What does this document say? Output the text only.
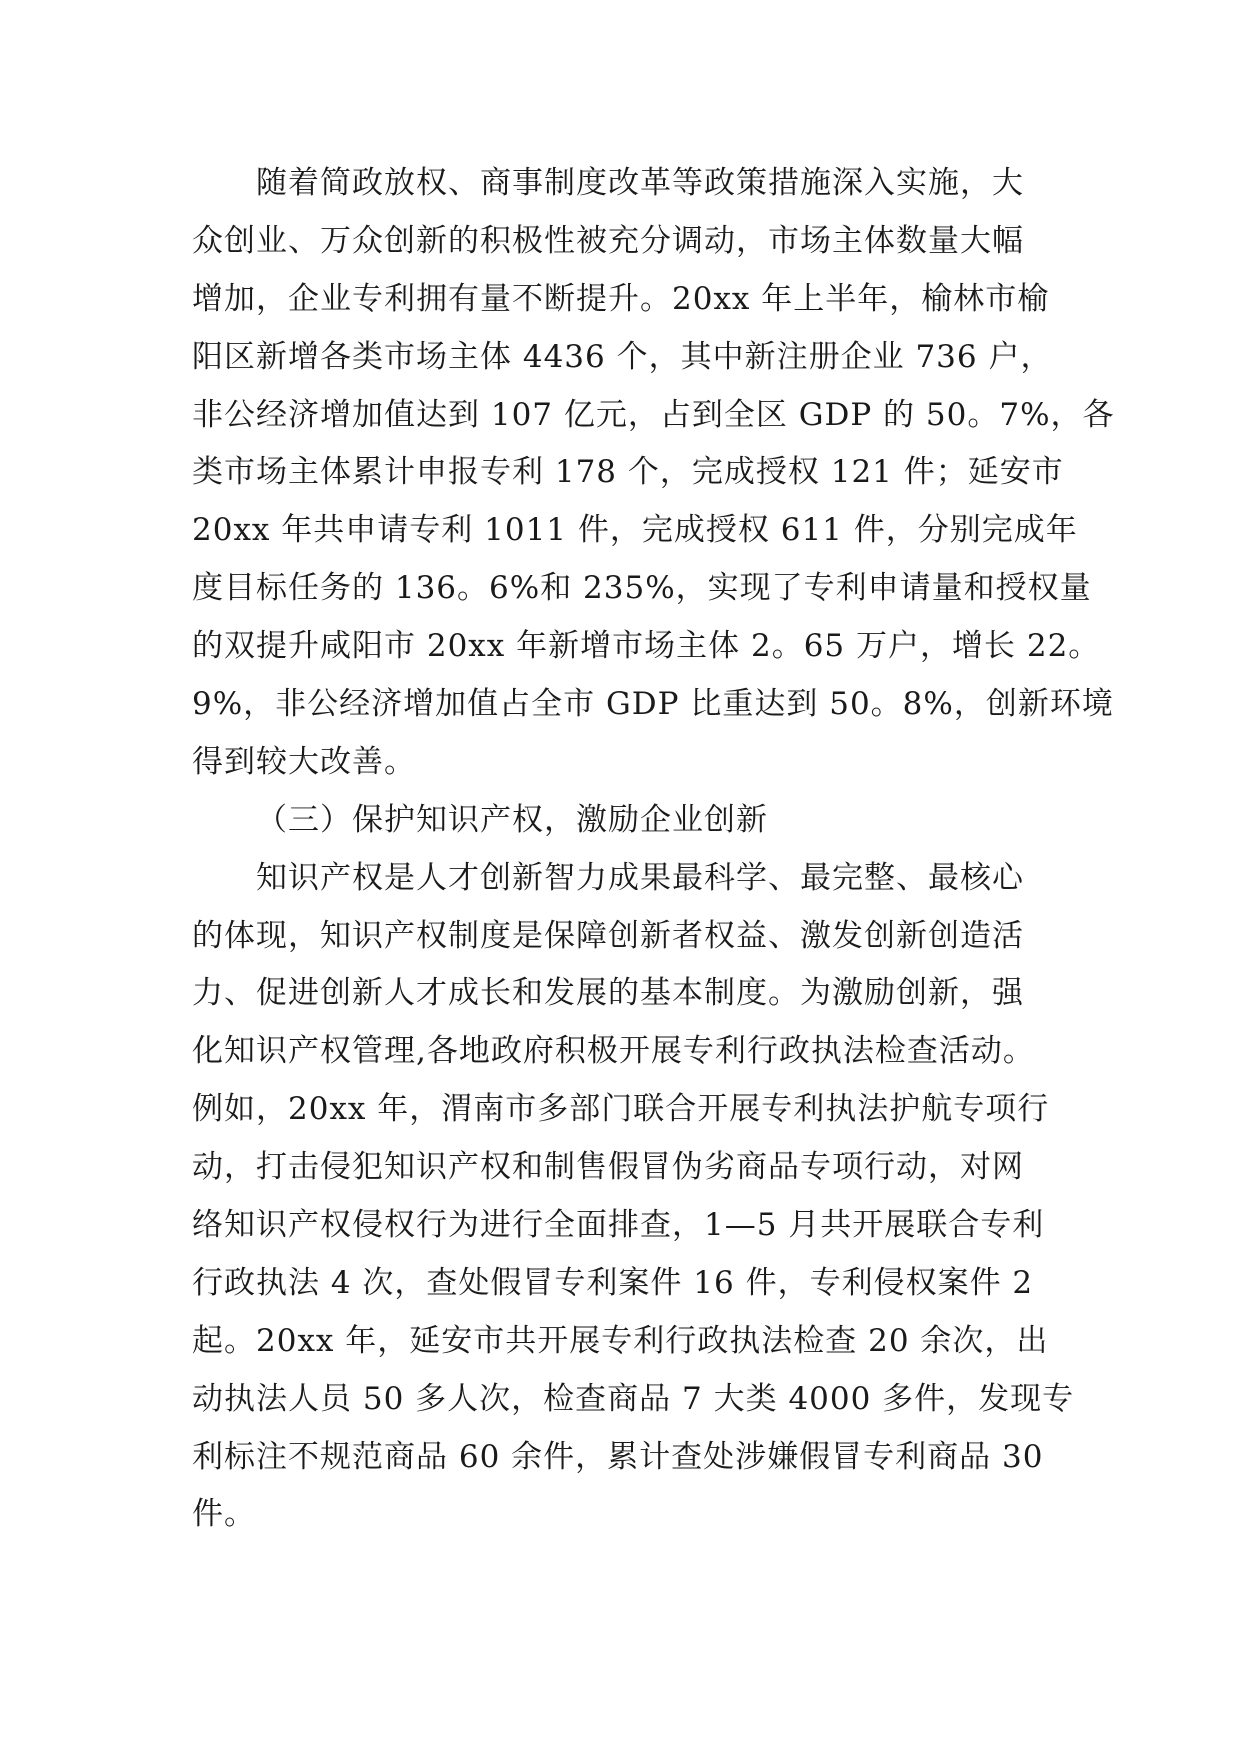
随着简政放权、商事制度改革等政策措施深入实施，大
众创业、万众创新的积极性被充分调动，市场主体数量大幅
增加，企业专利拥有量不断提升。20xx 年上半年，榆林市榆
阳区新增各类市场主体 4436 个，其中新注册企业 736 户，
非公经济增加值达到 107 亿元，占到全区 GDP 的 50。7%，各
类市场主体累计申报专利 178 个，完成授权 121 件；延安市
20xx 年共申请专利 1011 件，完成授权 611 件，分别完成年
度目标任务的 136。6%和 235%，实现了专利申请量和授权量
的双提升咸阳市 20xx 年新增市场主体 2。65 万户，增长 22。
9%，非公经济增加值占全市 GDP 比重达到 50。8%，创新环境
得到较大改善。
（三）保护知识产权，激励企业创新
知识产权是人才创新智力成果最科学、最完整、最核心
的体现，知识产权制度是保障创新者权益、激发创新创造活
力、促进创新人才成长和发展的基本制度。为激励创新，强
化知识产权管理,各地政府积极开展专利行政执法检查活动。
例如，20xx 年，渭南市多部门联合开展专利执法护航专项行
动，打击侵犯知识产权和制售假冒伪劣商品专项行动，对网
络知识产权侵权行为进行全面排查，1—5 月共开展联合专利
行政执法 4 次，查处假冒专利案件 16 件，专利侵权案件 2
起。20xx 年，延安市共开展专利行政执法检查 20 余次，出
动执法人员 50 多人次，检查商品 7 大类 4000 多件，发现专
利标注不规范商品 60 余件，累计查处涉嫌假冒专利商品 30
件。
